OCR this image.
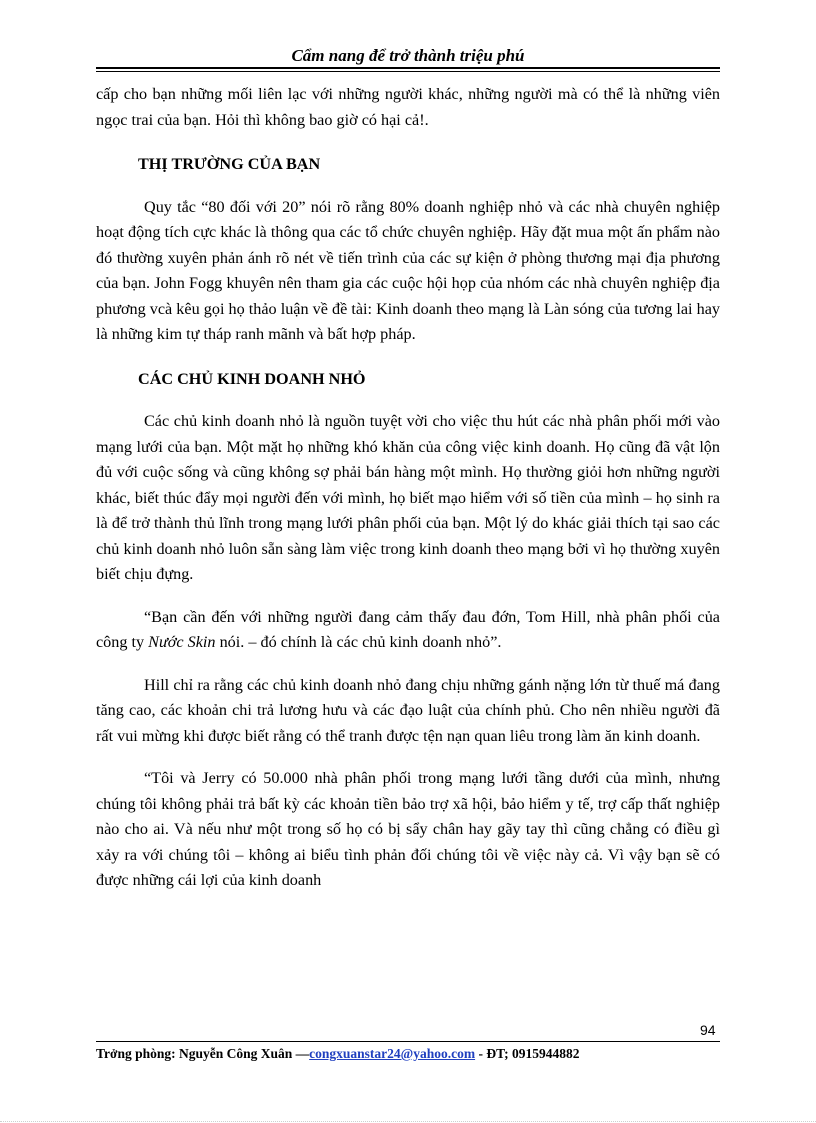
Cẩm nang để trở thành triệu phú

cấp cho bạn những mối liên lạc với những người khác, những người mà có thể là những viên ngọc trai của bạn. Hỏi thì không bao giờ có hại cả!.

THỊ TRƯỜNG CỦA BẠN

Quy tắc “80 đối với 20” nói rõ rằng 80% doanh nghiệp nhỏ và các nhà chuyên nghiệp hoạt động tích cực khác là thông qua các tổ chức chuyên nghiệp. Hãy đặt mua một ấn phẩm nào đó thường xuyên phản ánh rõ nét về tiến trình của các sự kiện ở phòng thương mại địa phương của bạn. John Fogg khuyên nên tham gia các cuộc hội họp của nhóm các nhà chuyên nghiệp địa phương vcà kêu gọi họ thảo luận về đề tài: Kinh doanh theo mạng là Làn sóng của tương lai hay là những kim tự tháp ranh mãnh và bất hợp pháp.

CÁC CHỦ KINH DOANH NHỎ

Các chủ kinh doanh nhỏ là nguồn tuyệt vời cho việc thu hút các nhà phân phối mới vào mạng lưới của bạn. Một mặt họ những khó khăn của công việc kinh doanh. Họ cũng đã vật lộn đủ với cuộc sống và cũng không sợ phải bán hàng một mình. Họ thường giỏi hơn những người khác, biết thúc đẩy mọi người đến với mình, họ biết mạo hiểm với số tiền của mình – họ sinh ra là để trở thành thủ lĩnh trong mạng lưới phân phối của bạn. Một lý do khác giải thích tại sao các chủ kinh doanh nhỏ luôn sẵn sàng làm việc trong kinh doanh theo mạng bởi vì họ thường xuyên biết chịu đựng.

“Bạn cần đến với những người đang cảm thấy đau đớn, Tom Hill, nhà phân phối của công ty Nước Skin nói. – đó chính là các chủ kinh doanh nhỏ”.

Hill chỉ ra rằng các chủ kinh doanh nhỏ đang chịu những gánh nặng lớn từ thuế má đang tăng cao, các khoản chi trả lương hưu và các đạo luật của chính phủ. Cho nên nhiều người đã rất vui mừng khi được biết rằng có thể tranh được tện nạn quan liêu trong làm ăn kinh doanh.

“Tôi và Jerry có 50.000 nhà phân phối trong mạng lưới tầng dưới của mình, nhưng chúng tôi không phải trả bất kỳ các khoản tiền bảo trợ xã hội, bảo hiểm y tế, trợ cấp thất nghiệp nào cho ai. Và nếu như một trong số họ có bị sẩy chân hay gãy tay thì cũng chẳng có điều gì xảy ra với chúng tôi – không ai biểu tình phản đối chúng tôi về việc này cả. Vì vậy bạn sẽ có được những cái lợi của kinh doanh

94
Trởng phòng: Nguyễn Công Xuân —congxuanstar24@yahoo.com - ĐT; 0915944882
